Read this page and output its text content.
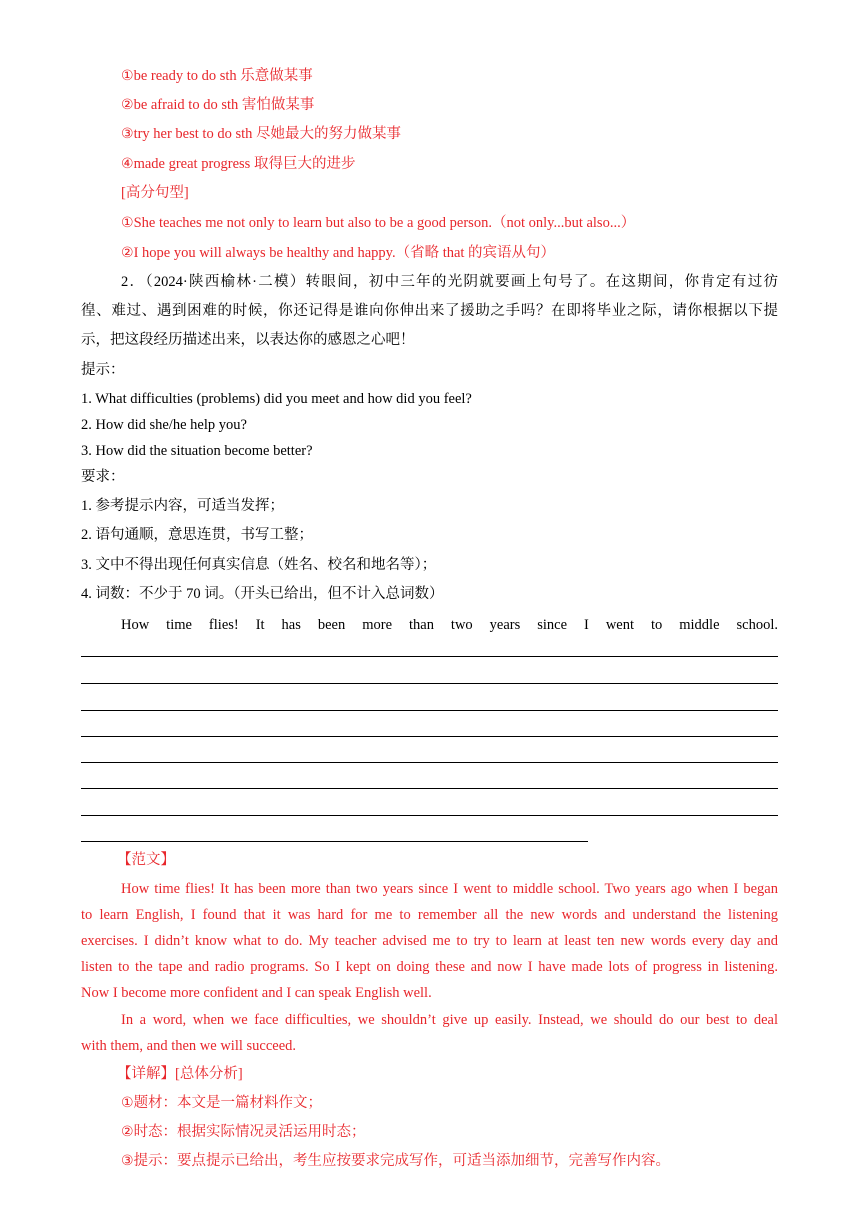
①be ready to do sth 乐意做某事
②be afraid to do sth 害怕做某事
③try her best to do sth 尽她最大的努力做某事
④made great progress 取得巨大的进步
[高分句型]
①She teaches me not only to learn but also to be a good person.（not only...but also...）
②I hope you will always be healthy and happy.（省略 that 的宾语从句）
2．（2024·陕西榆林·二模）转眼间，初中三年的光阴就要画上句号了。在这期间，你肯定有过彷
徨、难过、遇到困难的时候，你还记得是谁向你伸出来了援助之手吗？在即将毕业之际，请你根据以下提
示，把这段经历描述出来，以表达你的感恩之心吧！
提示：
1. What difficulties (problems) did you meet and how did you feel?
2. How did she/he help you?
3. How did the situation become better?
要求：
1. 参考提示内容，可适当发挥；
2. 语句通顺，意思连贯，书写工整；
3. 文中不得出现任何真实信息（姓名、校名和地名等）；
4. 词数：不少于 70 词。（开头已给出，但不计入总词数）
How time flies! It has been more than two years since I went to middle school.
【范文】
How time flies! It has been more than two years since I went to middle school. Two years ago when I began
to learn English, I found that it was hard for me to remember all the new words and understand the listening
exercises. I didn’t know what to do. My teacher advised me to try to learn at least ten new words every day and
listen to the tape and radio programs. So I kept on doing these and now I have made lots of progress in listening.
Now I become more confident and I can speak English well.
In a word, when we face difficulties, we shouldn’t give up easily. Instead, we should do our best to deal
with them, and then we will succeed.
【详解】[总体分析]
①题材：本文是一篇材料作文；
②时态：根据实际情况灵活运用时态；
③提示：要点提示已给出，考生应按要求完成写作，可适当添加细节，完善写作内容。
